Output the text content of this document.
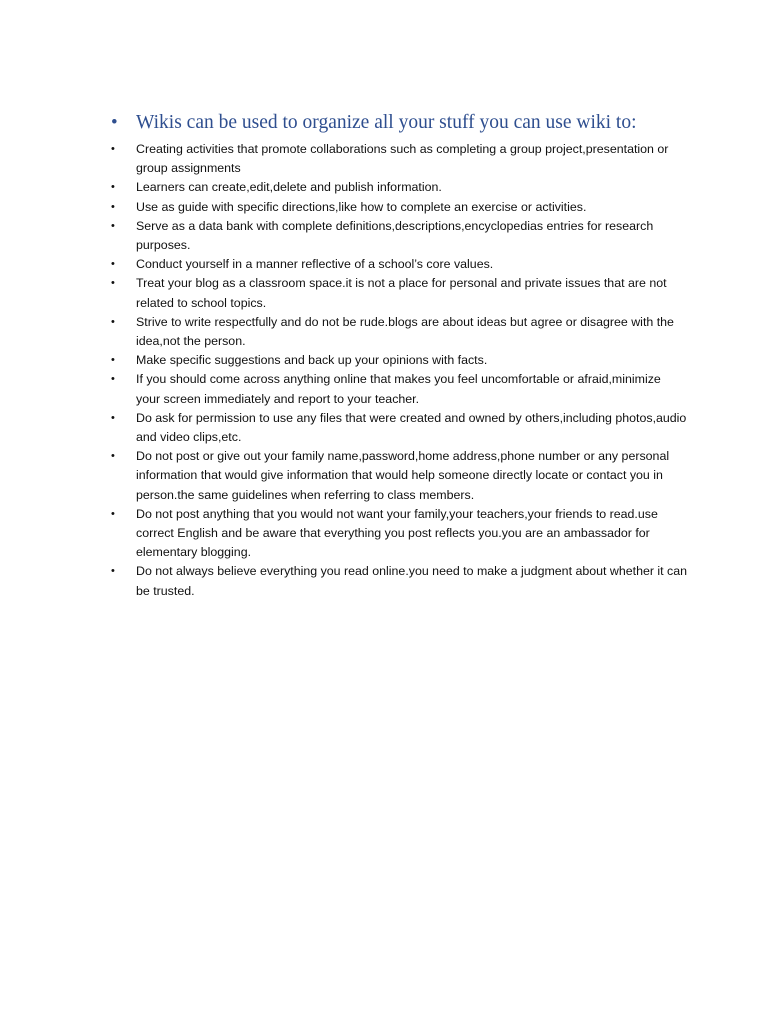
• Wikis can be used to organize all your stuff you can use wiki to:
•	Creating activities that promote collaborations such as completing a group project,presentation or group assignments
•	Learners can create,edit,delete and publish information.
•	Use as guide with specific directions,like how to complete an exercise or activities.
•	Serve as a data bank with complete definitions,descriptions,encyclopedias entries for research purposes.
•	Conduct yourself in a manner reflective of a school’s core values.
•	Treat your blog as a classroom space.it is not a place for personal and private issues that are not related to school topics.
•	Strive to write respectfully and do not be rude.blogs are about ideas but agree or disagree with the idea,not the person.
•	Make specific suggestions and back up your opinions with facts.
•	If you should come across anything online that makes you feel uncomfortable or afraid,minimize your screen immediately and report to your teacher.
•	Do ask for permission to use any files that were created and owned by others,including photos,audio and video clips,etc.
•	Do not post or give out your family name,password,home address,phone number or any personal information that would give information that would help someone directly locate or contact you in person.the same guidelines when referring to class members.
•	Do not post anything that you would not want your family,your teachers,your friends to read.use correct English and be aware that everything you post reflects you.you are an ambassador for elementary blogging.
•	Do not always believe everything you read online.you need to make a judgment about whether it can be trusted.
